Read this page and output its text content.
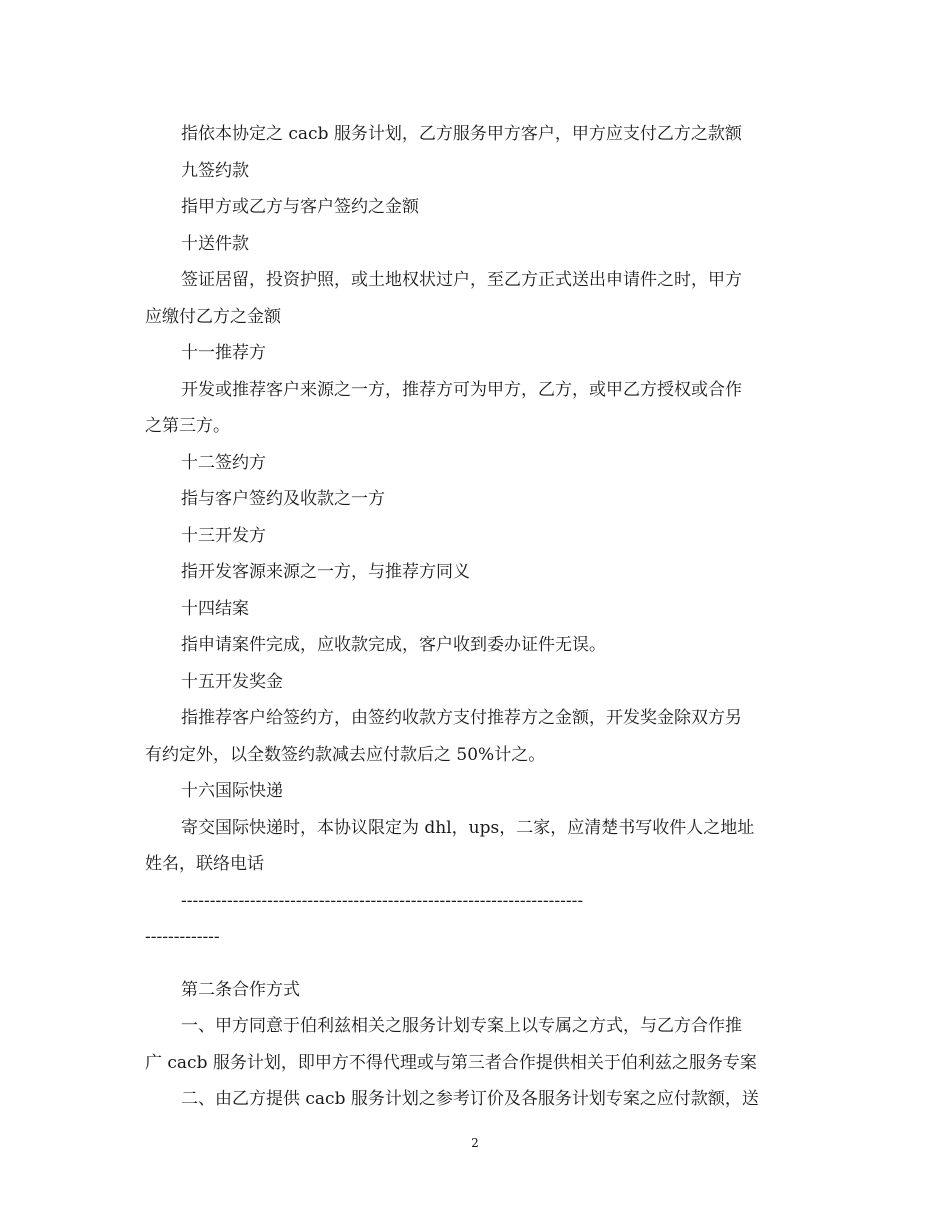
指依本协定之 cacb 服务计划，乙方服务甲方客户，甲方应支付乙方之款额
九签约款
指甲方或乙方与客户签约之金额
十送件款
签证居留，投资护照，或土地权状过户，至乙方正式送出申请件之时，甲方
应缴付乙方之金额
十一推荐方
开发或推荐客户来源之一方，推荐方可为甲方，乙方，或甲乙方授权或合作
之第三方。
十二签约方
指与客户签约及收款之一方
十三开发方
指开发客源来源之一方，与推荐方同义
十四结案
指申请案件完成，应收款完成，客户收到委办证件无误。
十五开发奖金
指推荐客户给签约方，由签约收款方支付推荐方之金额，开发奖金除双方另
有约定外，以全数签约款减去应付款后之 50%计之。
十六国际快递
寄交国际快递时，本协议限定为 dhl，ups，二家，应清楚书写收件人之地址
姓名，联络电话
----------------------------------------------------------------------
-------------
第二条合作方式
一、甲方同意于伯利兹相关之服务计划专案上以专属之方式，与乙方合作推
广 cacb 服务计划，即甲方不得代理或与第三者合作提供相关于伯利兹之服务专案
二、由乙方提供 cacb 服务计划之参考订价及各服务计划专案之应付款额，送
2
